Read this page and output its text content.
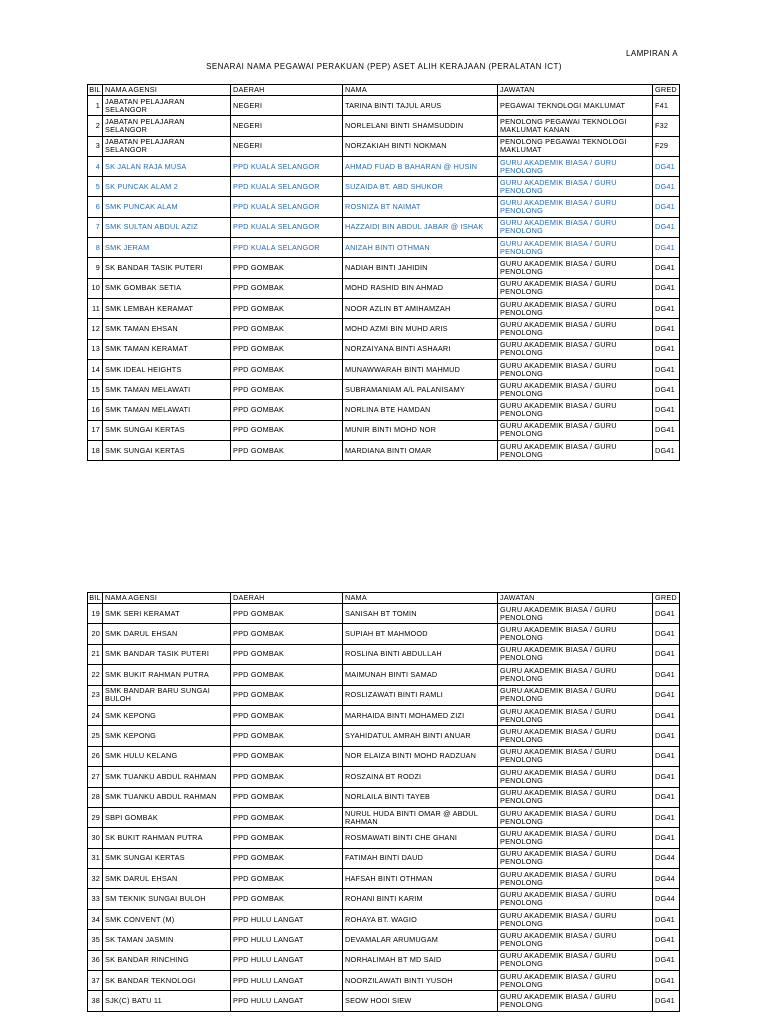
LAMPIRAN A
SENARAI NAMA PEGAWAI PERAKUAN (PEP) ASET ALIH KERAJAAN (PERALATAN ICT)
BIL	NAMA AGENSI	DAERAH	NAMA	JAWATAN	GRED
1	JABATAN PELAJARAN SELANGOR	NEGERI	TARINA BINTI TAJUL ARUS	PEGAWAI TEKNOLOGI MAKLUMAT	F41
2	JABATAN PELAJARAN SELANGOR	NEGERI	NORLELANI BINTI SHAMSUDDIN	PENOLONG PEGAWAI TEKNOLOGI MAKLUMAT KANAN	F32
3	JABATAN PELAJARAN SELANGOR	NEGERI	NORZAKIAH BINTI NOKMAN	PENOLONG PEGAWAI TEKNOLOGI MAKLUMAT	F29
4	SK JALAN RAJA MUSA	PPD KUALA SELANGOR	AHMAD FUAD B BAHARAN @ HUSIN	GURU AKADEMIK BIASA / GURU PENOLONG	DG41
5	SK PUNCAK ALAM 2	PPD KUALA SELANGOR	SUZAIDA BT. ABD SHUKOR	GURU AKADEMIK BIASA / GURU PENOLONG	DG41
6	SMK PUNCAK ALAM	PPD KUALA SELANGOR	ROSNIZA BT NAIMAT	GURU AKADEMIK BIASA / GURU PENOLONG	DG41
7	SMK SULTAN ABDUL AZIZ	PPD KUALA SELANGOR	HAZZAIDI BIN ABDUL JABAR @ ISHAK	GURU AKADEMIK BIASA / GURU PENOLONG	DG41
8	SMK JERAM	PPD KUALA SELANGOR	ANIZAH BINTI OTHMAN	GURU AKADEMIK BIASA / GURU PENOLONG	DG41
9	SK BANDAR TASIK PUTERI	PPD GOMBAK	NADIAH BINTI JAHIDIN	GURU AKADEMIK BIASA / GURU PENOLONG	DG41
10	SMK GOMBAK SETIA	PPD GOMBAK	MOHD RASHID BIN AHMAD	GURU AKADEMIK BIASA / GURU PENOLONG	DG41
11	SMK LEMBAH KERAMAT	PPD GOMBAK	NOOR AZLIN BT AMIHAMZAH	GURU AKADEMIK BIASA / GURU PENOLONG	DG41
12	SMK TAMAN EHSAN	PPD GOMBAK	MOHD AZMI BIN MUHD ARIS	GURU AKADEMIK BIASA / GURU PENOLONG	DG41
13	SMK TAMAN KERAMAT	PPD GOMBAK	NORZAIYANA BINTI ASHAARI	GURU AKADEMIK BIASA / GURU PENOLONG	DG41
14	SMK IDEAL HEIGHTS	PPD GOMBAK	MUNAWWARAH BINTI MAHMUD	GURU AKADEMIK BIASA / GURU PENOLONG	DG41
15	SMK TAMAN MELAWATI	PPD GOMBAK	SUBRAMANIAM A/L PALANISAMY	GURU AKADEMIK BIASA / GURU PENOLONG	DG41
16	SMK TAMAN MELAWATI	PPD GOMBAK	NORLINA BTE HAMDAN	GURU AKADEMIK BIASA / GURU PENOLONG	DG41
17	SMK SUNGAI KERTAS	PPD GOMBAK	MUNIR BINTI MOHD NOR	GURU AKADEMIK BIASA / GURU PENOLONG	DG41
18	SMK SUNGAI KERTAS	PPD GOMBAK	MARDIANA BINTI OMAR	GURU AKADEMIK BIASA / GURU PENOLONG	DG41
BIL	NAMA AGENSI	DAERAH	NAMA	JAWATAN	GRED
19	SMK SERI KERAMAT	PPD GOMBAK	SANISAH BT TOMIN	GURU AKADEMIK BIASA / GURU PENOLONG	DG41
20	SMK DARUL EHSAN	PPD GOMBAK	SUPIAH BT MAHMOOD	GURU AKADEMIK BIASA / GURU PENOLONG	DG41
21	SMK BANDAR TASIK PUTERI	PPD GOMBAK	ROSLINA BINTI ABDULLAH	GURU AKADEMIK BIASA / GURU PENOLONG	DG41
22	SMK BUKIT RAHMAN PUTRA	PPD GOMBAK	MAIMUNAH BINTI SAMAD	GURU AKADEMIK BIASA / GURU PENOLONG	DG41
23	SMK BANDAR BARU SUNGAI BULOH	PPD GOMBAK	ROSLIZAWATI BINTI RAMLI	GURU AKADEMIK BIASA / GURU PENOLONG	DG41
24	SMK KEPONG	PPD GOMBAK	MARHAIDA BINTI MOHAMED ZIZI	GURU AKADEMIK BIASA / GURU PENOLONG	DG41
25	SMK KEPONG	PPD GOMBAK	SYAHIDATUL AMRAH BINTI ANUAR	GURU AKADEMIK BIASA / GURU PENOLONG	DG41
26	SMK HULU KELANG	PPD GOMBAK	NOR ELAIZA BINTI MOHD RADZUAN	GURU AKADEMIK BIASA / GURU PENOLONG	DG41
27	SMK TUANKU ABDUL RAHMAN	PPD GOMBAK	ROSZAINA BT RODZI	GURU AKADEMIK BIASA / GURU PENOLONG	DG41
28	SMK TUANKU ABDUL RAHMAN	PPD GOMBAK	NORLAILA BINTI TAYEB	GURU AKADEMIK BIASA / GURU PENOLONG	DG41
29	SBPI GOMBAK	PPD GOMBAK	NURUL HUDA BINTI OMAR @ ABDUL RAHMAN	GURU AKADEMIK BIASA / GURU PENOLONG	DG41
30	SK BUKIT RAHMAN PUTRA	PPD GOMBAK	ROSMAWATI BINTI CHE GHANI	GURU AKADEMIK BIASA / GURU PENOLONG	DG41
31	SMK SUNGAI KERTAS	PPD GOMBAK	FATIMAH BINTI DAUD	GURU AKADEMIK BIASA / GURU PENOLONG	DG44
32	SMK DARUL EHSAN	PPD GOMBAK	HAFSAH BINTI OTHMAN	GURU AKADEMIK BIASA / GURU PENOLONG	DG44
33	SM TEKNIK SUNGAI BULOH	PPD GOMBAK	ROHANI BINTI KARIM	GURU AKADEMIK BIASA / GURU PENOLONG	DG44
34	SMK CONVENT (M)	PPD HULU LANGAT	ROHAYA BT. WAGIO	GURU AKADEMIK BIASA / GURU PENOLONG	DG41
35	SK TAMAN JASMIN	PPD HULU LANGAT	DEVAMALAR ARUMUGAM	GURU AKADEMIK BIASA / GURU PENOLONG	DG41
36	SK BANDAR RINCHING	PPD HULU LANGAT	NORHALIMAH BT MD SAID	GURU AKADEMIK BIASA / GURU PENOLONG	DG41
37	SK BANDAR TEKNOLOGI	PPD HULU LANGAT	NOORZILAWATI BINTI YUSOH	GURU AKADEMIK BIASA / GURU PENOLONG	DG41
38	SJK(C) BATU 11	PPD HULU LANGAT	SEOW HOOI SIEW	GURU AKADEMIK BIASA / GURU PENOLONG	DG41
